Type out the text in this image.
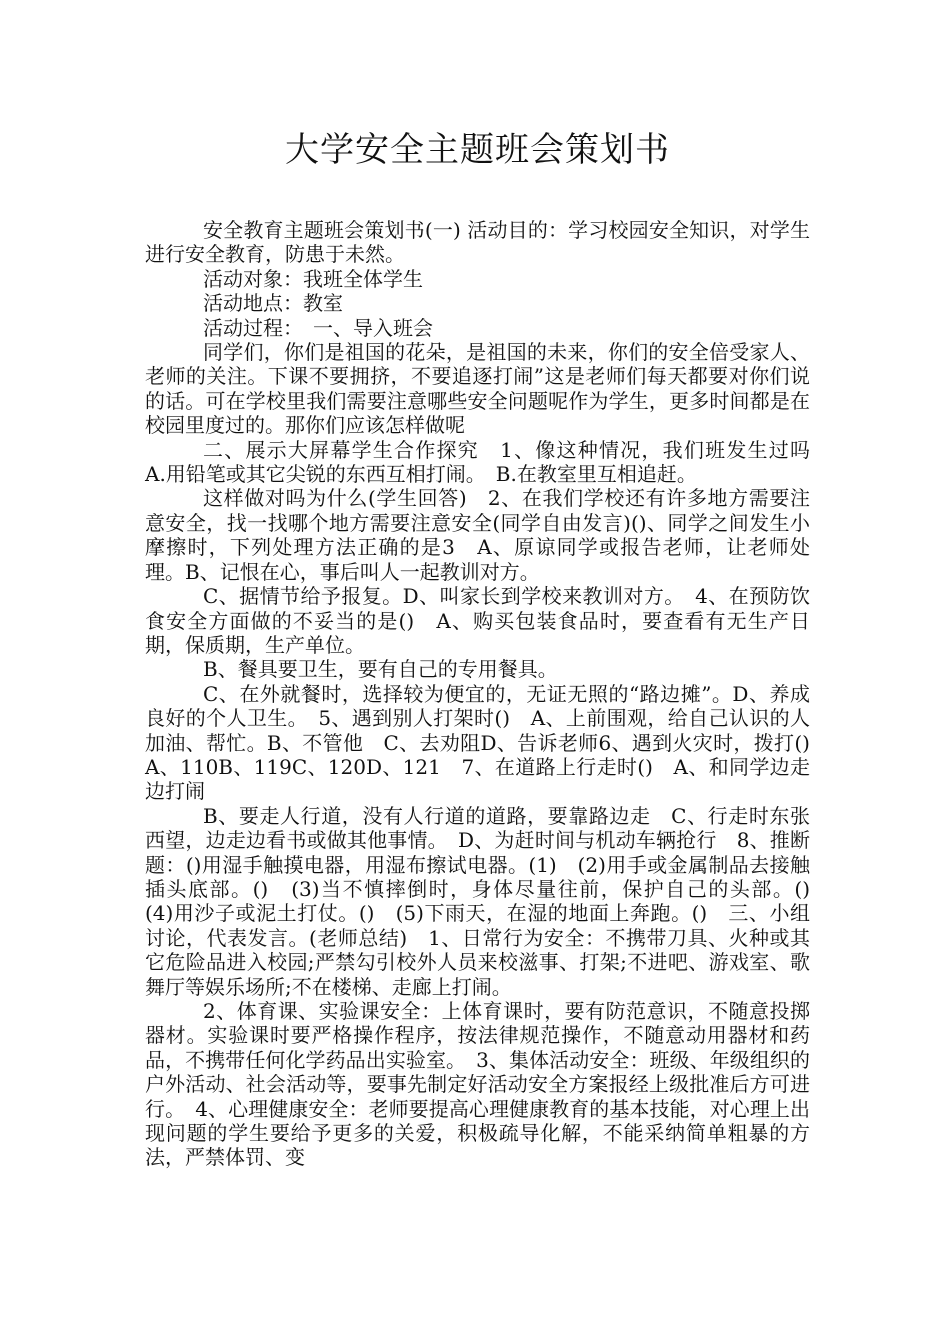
大学安全主题班会策划书

安全教育主题班会策划书(一) 活动目的：学习校园安全知识，对学生进行安全教育，防患于未然。

活动对象：我班全体学生

活动地点：教室

活动过程：　一、导入班会

同学们，你们是祖国的花朵，是祖国的未来，你们的安全倍受家人、老师的关注。下课不要拥挤，不要追逐打闹”这是老师们每天都要对你们说的话。可在学校里我们需要注意哪些安全问题呢作为学生，更多时间都是在校园里度过的。那你们应该怎样做呢

二、展示大屏幕学生合作探究　1、像这种情况，我们班发生过吗　A.用铅笔或其它尖锐的东西互相打闹。　B.在教室里互相追赶。

这样做对吗为什么(学生回答)　2、在我们学校还有许多地方需要注意安全，找一找哪个地方需要注意安全(同学自由发言)()、同学之间发生小摩擦时，下列处理方法正确的是3　A、原谅同学或报告老师，让老师处理。B、记恨在心，事后叫人一起教训对方。

C、据情节给予报复。D、叫家长到学校来教训对方。　4、在预防饮食安全方面做的不妥当的是()　A、购买包装食品时，要查看有无生产日期，保质期，生产单位。

B、餐具要卫生，要有自己的专用餐具。

C、在外就餐时，选择较为便宜的，无证无照的“路边摊”。D、养成良好的个人卫生。　5、遇到别人打架时()　A、上前围观，给自己认识的人加油、帮忙。B、不管他　C、去劝阻D、告诉老师6、遇到火灾时，拨打()　A、110B、119C、120D、121　7、在道路上行走时()　A、和同学边走边打闹

B、要走人行道，没有人行道的道路，要靠路边走　C、行走时东张西望，边走边看书或做其他事情。　D、为赶时间与机动车辆抢行　8、推断题：()用湿手触摸电器，用湿布擦试电器。(1)　(2)用手或金属制品去接触插头底部。()　(3)当不慎摔倒时，身体尽量往前，保护自己的头部。()　(4)用沙子或泥土打仗。()　(5)下雨天，在湿的地面上奔跑。()　三、小组讨论，代表发言。(老师总结)　1、日常行为安全：不携带刀具、火种或其它危险品进入校园;严禁勾引校外人员来校滋事、打架;不进吧、游戏室、歌舞厅等娱乐场所;不在楼梯、走廊上打闹。

2、体育课、实验课安全：上体育课时，要有防范意识，不随意投掷器材。实验课时要严格操作程序，按法律规范操作，不随意动用器材和药品，不携带任何化学药品出实验室。　3、集体活动安全：班级、年级组织的户外活动、社会活动等，要事先制定好活动安全方案报经上级批准后方可进行。　4、心理健康安全：老师要提高心理健康教育的基本技能，对心理上出现问题的学生要给予更多的关爱，积极疏导化解，不能采纳简单粗暴的方法，严禁体罚、变
